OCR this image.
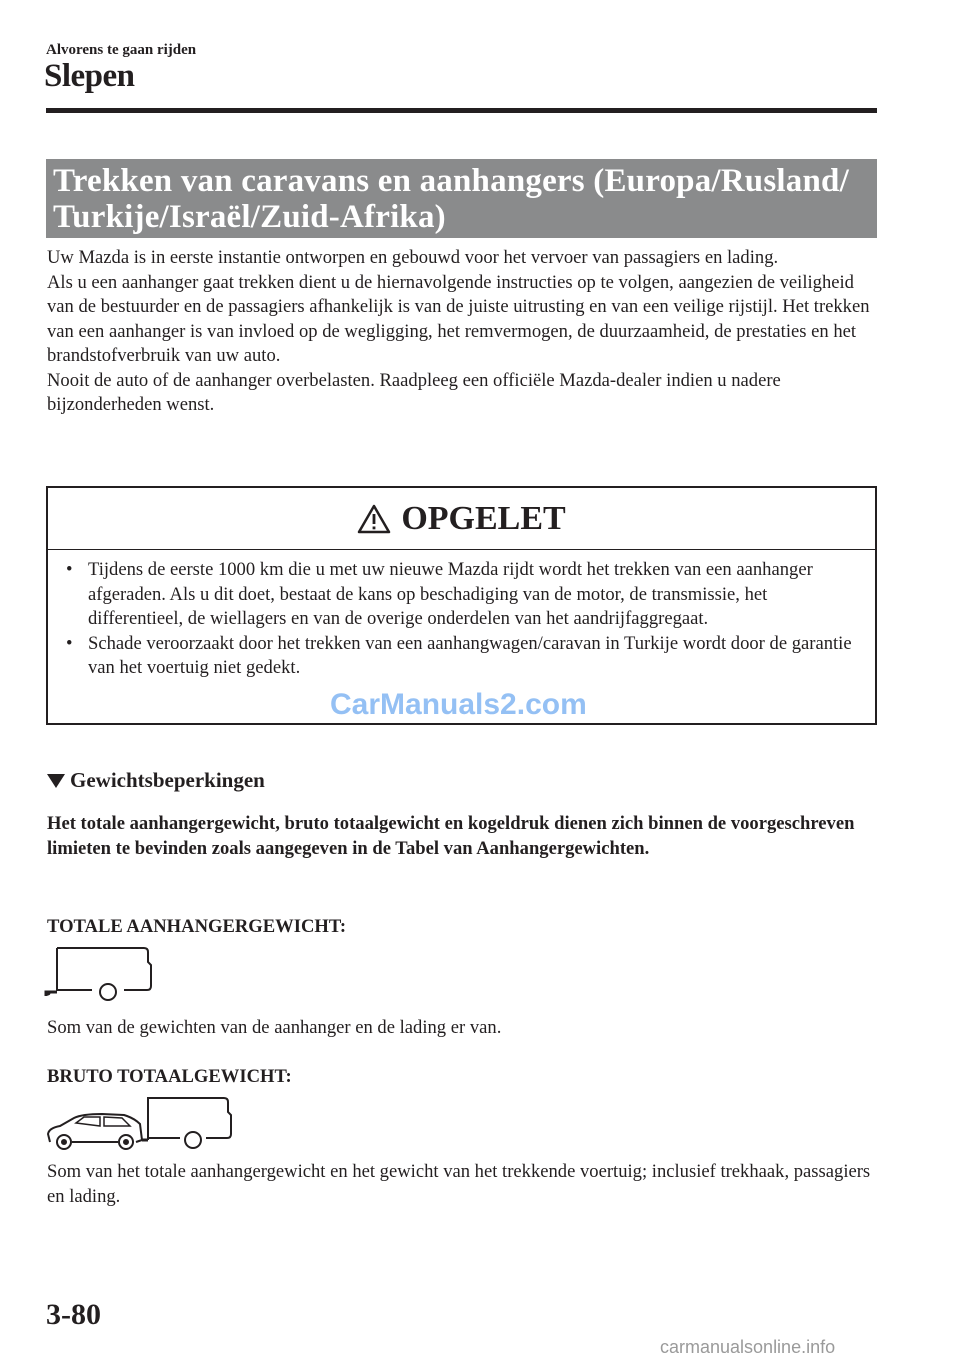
Alvorens te gaan rijden
Slepen
Trekken van caravans en aanhangers (Europa/Rusland/
Turkije/Israël/Zuid-Afrika)

Uw Mazda is in eerste instantie ontworpen en gebouwd voor het vervoer van passagiers en lading.

Als u een aanhanger gaat trekken dient u de hiernavolgende instructies op te volgen, aangezien de veiligheid van de bestuurder en de passagiers afhankelijk is van de juiste uitrusting en van een veilige rijstijl. Het trekken van een aanhanger is van invloed op de wegligging, het remvermogen, de duurzaamheid, de prestaties en het brandstofverbruik van uw auto.

Nooit de auto of de aanhanger overbelasten. Raadpleeg een officiële Mazda-dealer indien u nadere bijzonderheden wenst.

OPGELET
• Tijdens de eerste 1000 km die u met uw nieuwe Mazda rijdt wordt het trekken van een aanhanger afgeraden. Als u dit doet, bestaat de kans op beschadiging van de motor, de transmissie, het differentieel, de wiellagers en van de overige onderdelen van het aandrijfaggregaat.
• Schade veroorzaakt door het trekken van een aanhangwagen/caravan in Turkije wordt door de garantie van het voertuig niet gedekt.
CarManuals2.com
Gewichtsbeperkingen
Het totale aanhangergewicht, bruto totaalgewicht en kogeldruk dienen zich binnen de voorgeschreven limieten te bevinden zoals aangegeven in de Tabel van Aanhangergewichten.
TOTALE AANHANGERGEWICHT:
Som van de gewichten van de aanhanger en de lading er van.
BRUTO TOTAALGEWICHT:
Som van het totale aanhangergewicht en het gewicht van het trekkende voertuig; inclusief trekhaak, passagiers en lading.
3-80
carmanualsonline.info
